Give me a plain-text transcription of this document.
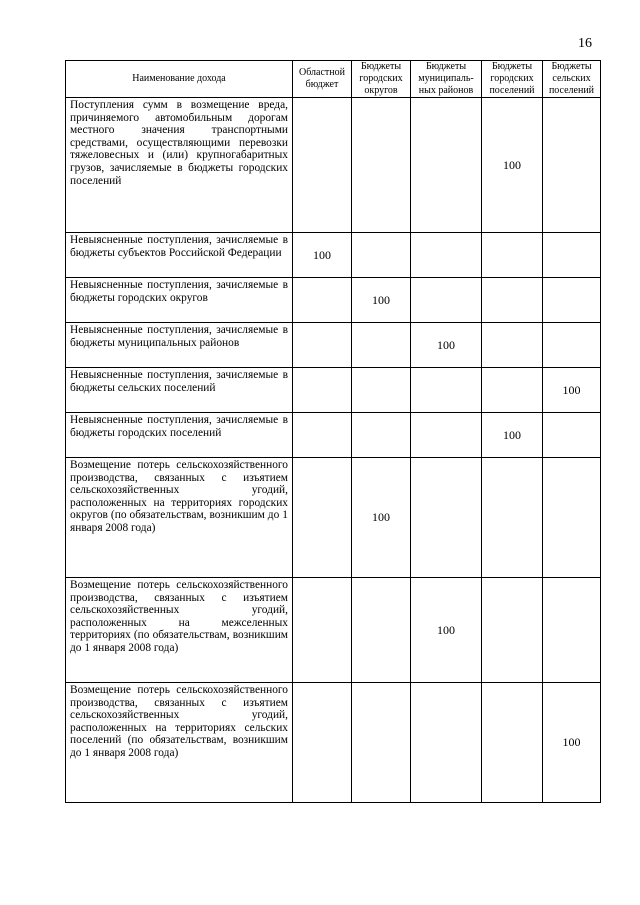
16
Наименование дохода	Областной бюджет	Бюджеты городских округов	Бюджеты муниципаль-ных районов	Бюджеты городских поселений	Бюджеты сельских поселений
Поступления сумм в возмещение вреда, причиняемого автомобильным дорогам местного значения транспортными средствами, осуществляющими перевозки тяжеловесных и (или) крупногабаритных грузов, зачисляемые в бюджеты городских поселений				100	
Невыясненные поступления, зачисляемые в бюджеты субъектов Российской Федерации	100				
Невыясненные поступления, зачисляемые в бюджеты городских округов		100			
Невыясненные поступления, зачисляемые в бюджеты муниципальных районов			100		
Невыясненные поступления, зачисляемые в бюджеты сельских поселений					100
Невыясненные поступления, зачисляемые в бюджеты городских поселений				100	
Возмещение потерь сельскохозяйственного производства, связанных с изъятием сельскохозяйственных угодий, расположенных на территориях городских округов (по обязательствам, возникшим до 1 января 2008 года)		100			
Возмещение потерь сельскохозяйственного производства, связанных с изъятием сельскохозяйственных угодий, расположенных на межселенных территориях (по обязательствам, возникшим до 1 января 2008 года)			100		
Возмещение потерь сельскохозяйственного производства, связанных с изъятием сельскохозяйственных угодий, расположенных на территориях сельских поселений (по обязательствам, возникшим до 1 января 2008 года)					100
